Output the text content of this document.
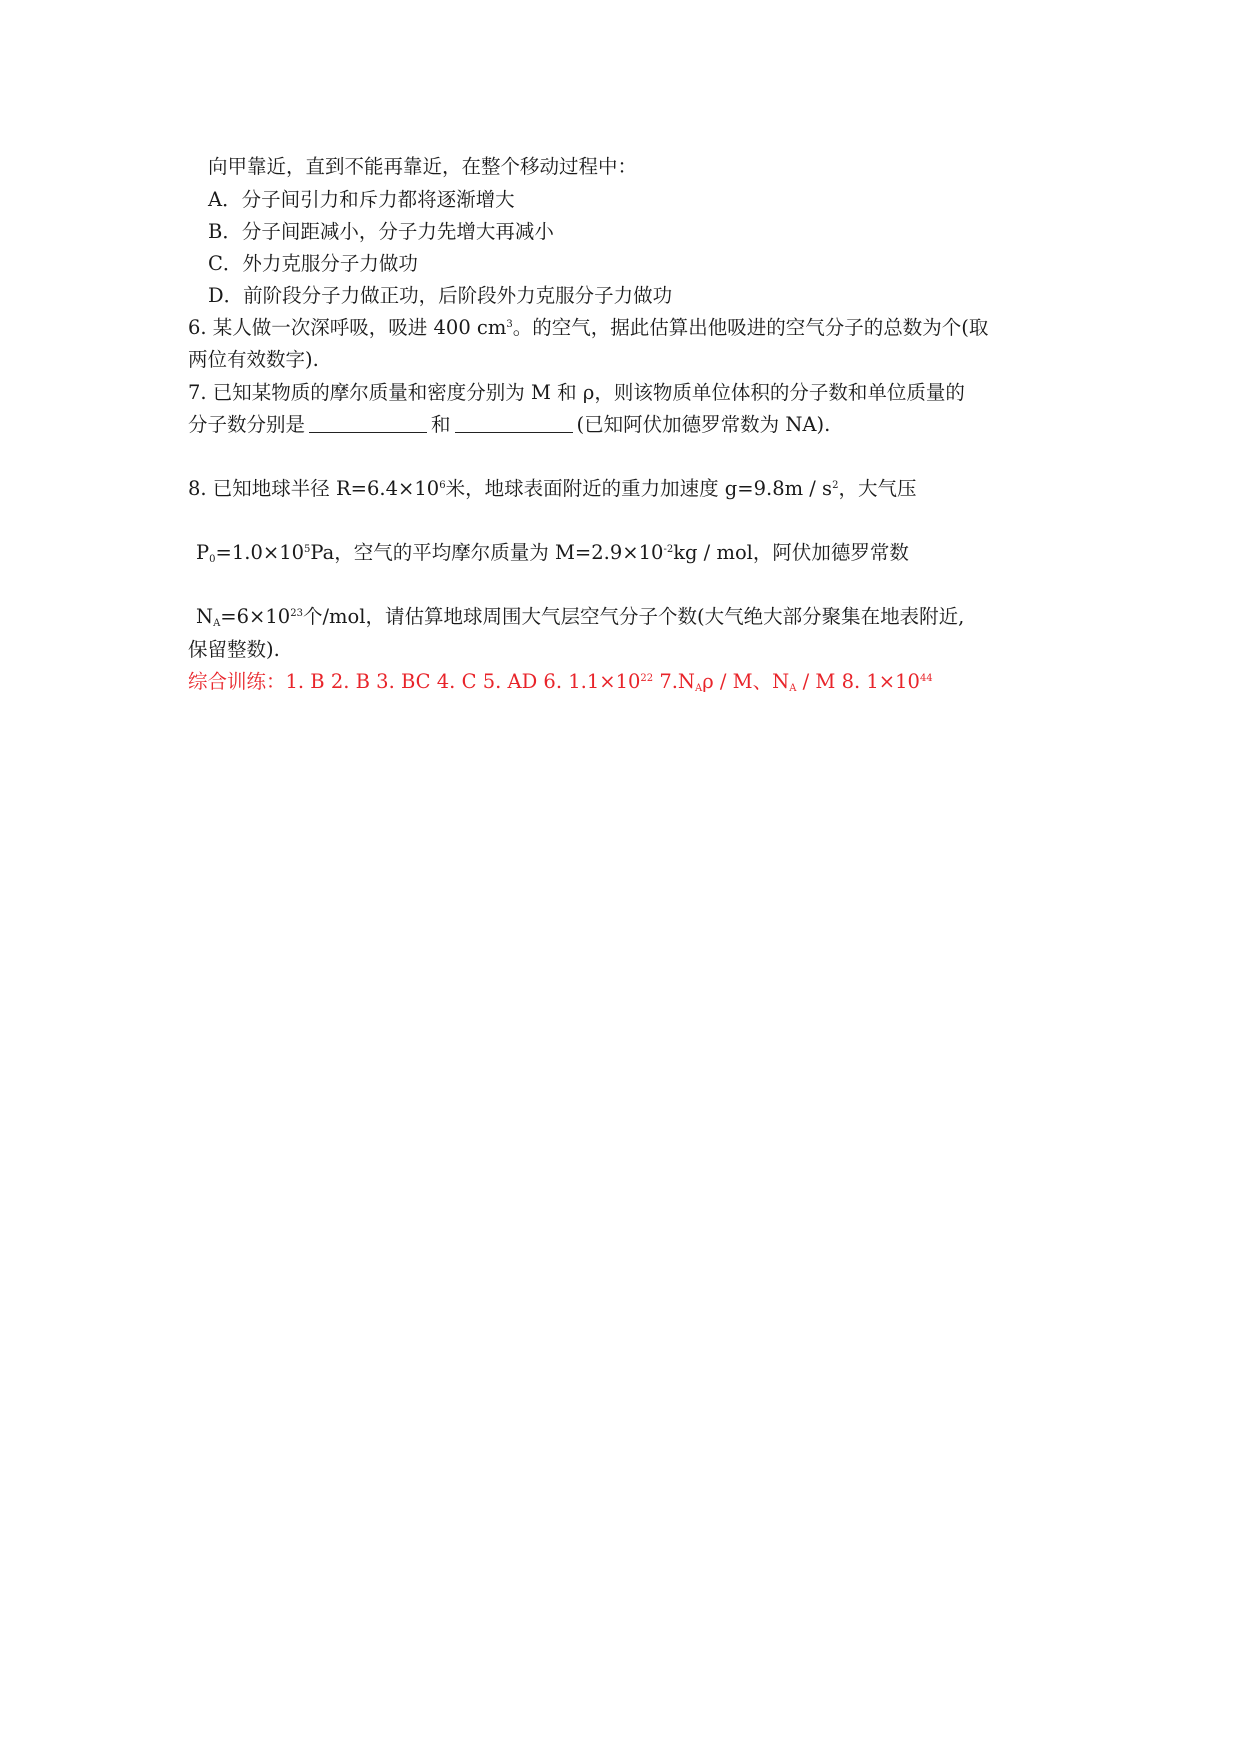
向甲靠近，直到不能再靠近，在整个移动过程中：
A．分子间引力和斥力都将逐渐增大
B．分子间距减小，分子力先增大再减小
C．外力克服分子力做功
D．前阶段分子力做正功，后阶段外力克服分子力做功
6. 某人做一次深呼吸，吸进 400 $cm^3$。的空气，据此估算出他吸进的空气分子的总数为个(取
两位有效数字).
7. 已知某物质的摩尔质量和密度分别为 M 和 ρ，则该物质单位体积的分子数和单位质量的
分子数分别是	和	(已知阿伏加德罗常数为 NA).
8. 已知地球半径 $R=6.4\times 10^6$米，地球表面附近的重力加速度 $g=9.8m / s^2$，大气压
$P_0=1.0\times 10^5Pa$，空气的平均摩尔质量为 $M=2.9\times 10^{-2}kg$ / mol，阿伏加德罗常数
$N_A=6\times 10^{23}$个/mol，请估算地球周围大气层空气分子个数(大气绝大部分聚集在地表附近,
保留整数).
综合训练：1. B 2. B 3. BC 4. C 5. AD 6. $1.1\times 10^{22}$ $7.N_A\rho$ / M、$N_A$ / M 8. $1\times 10^{44}$
